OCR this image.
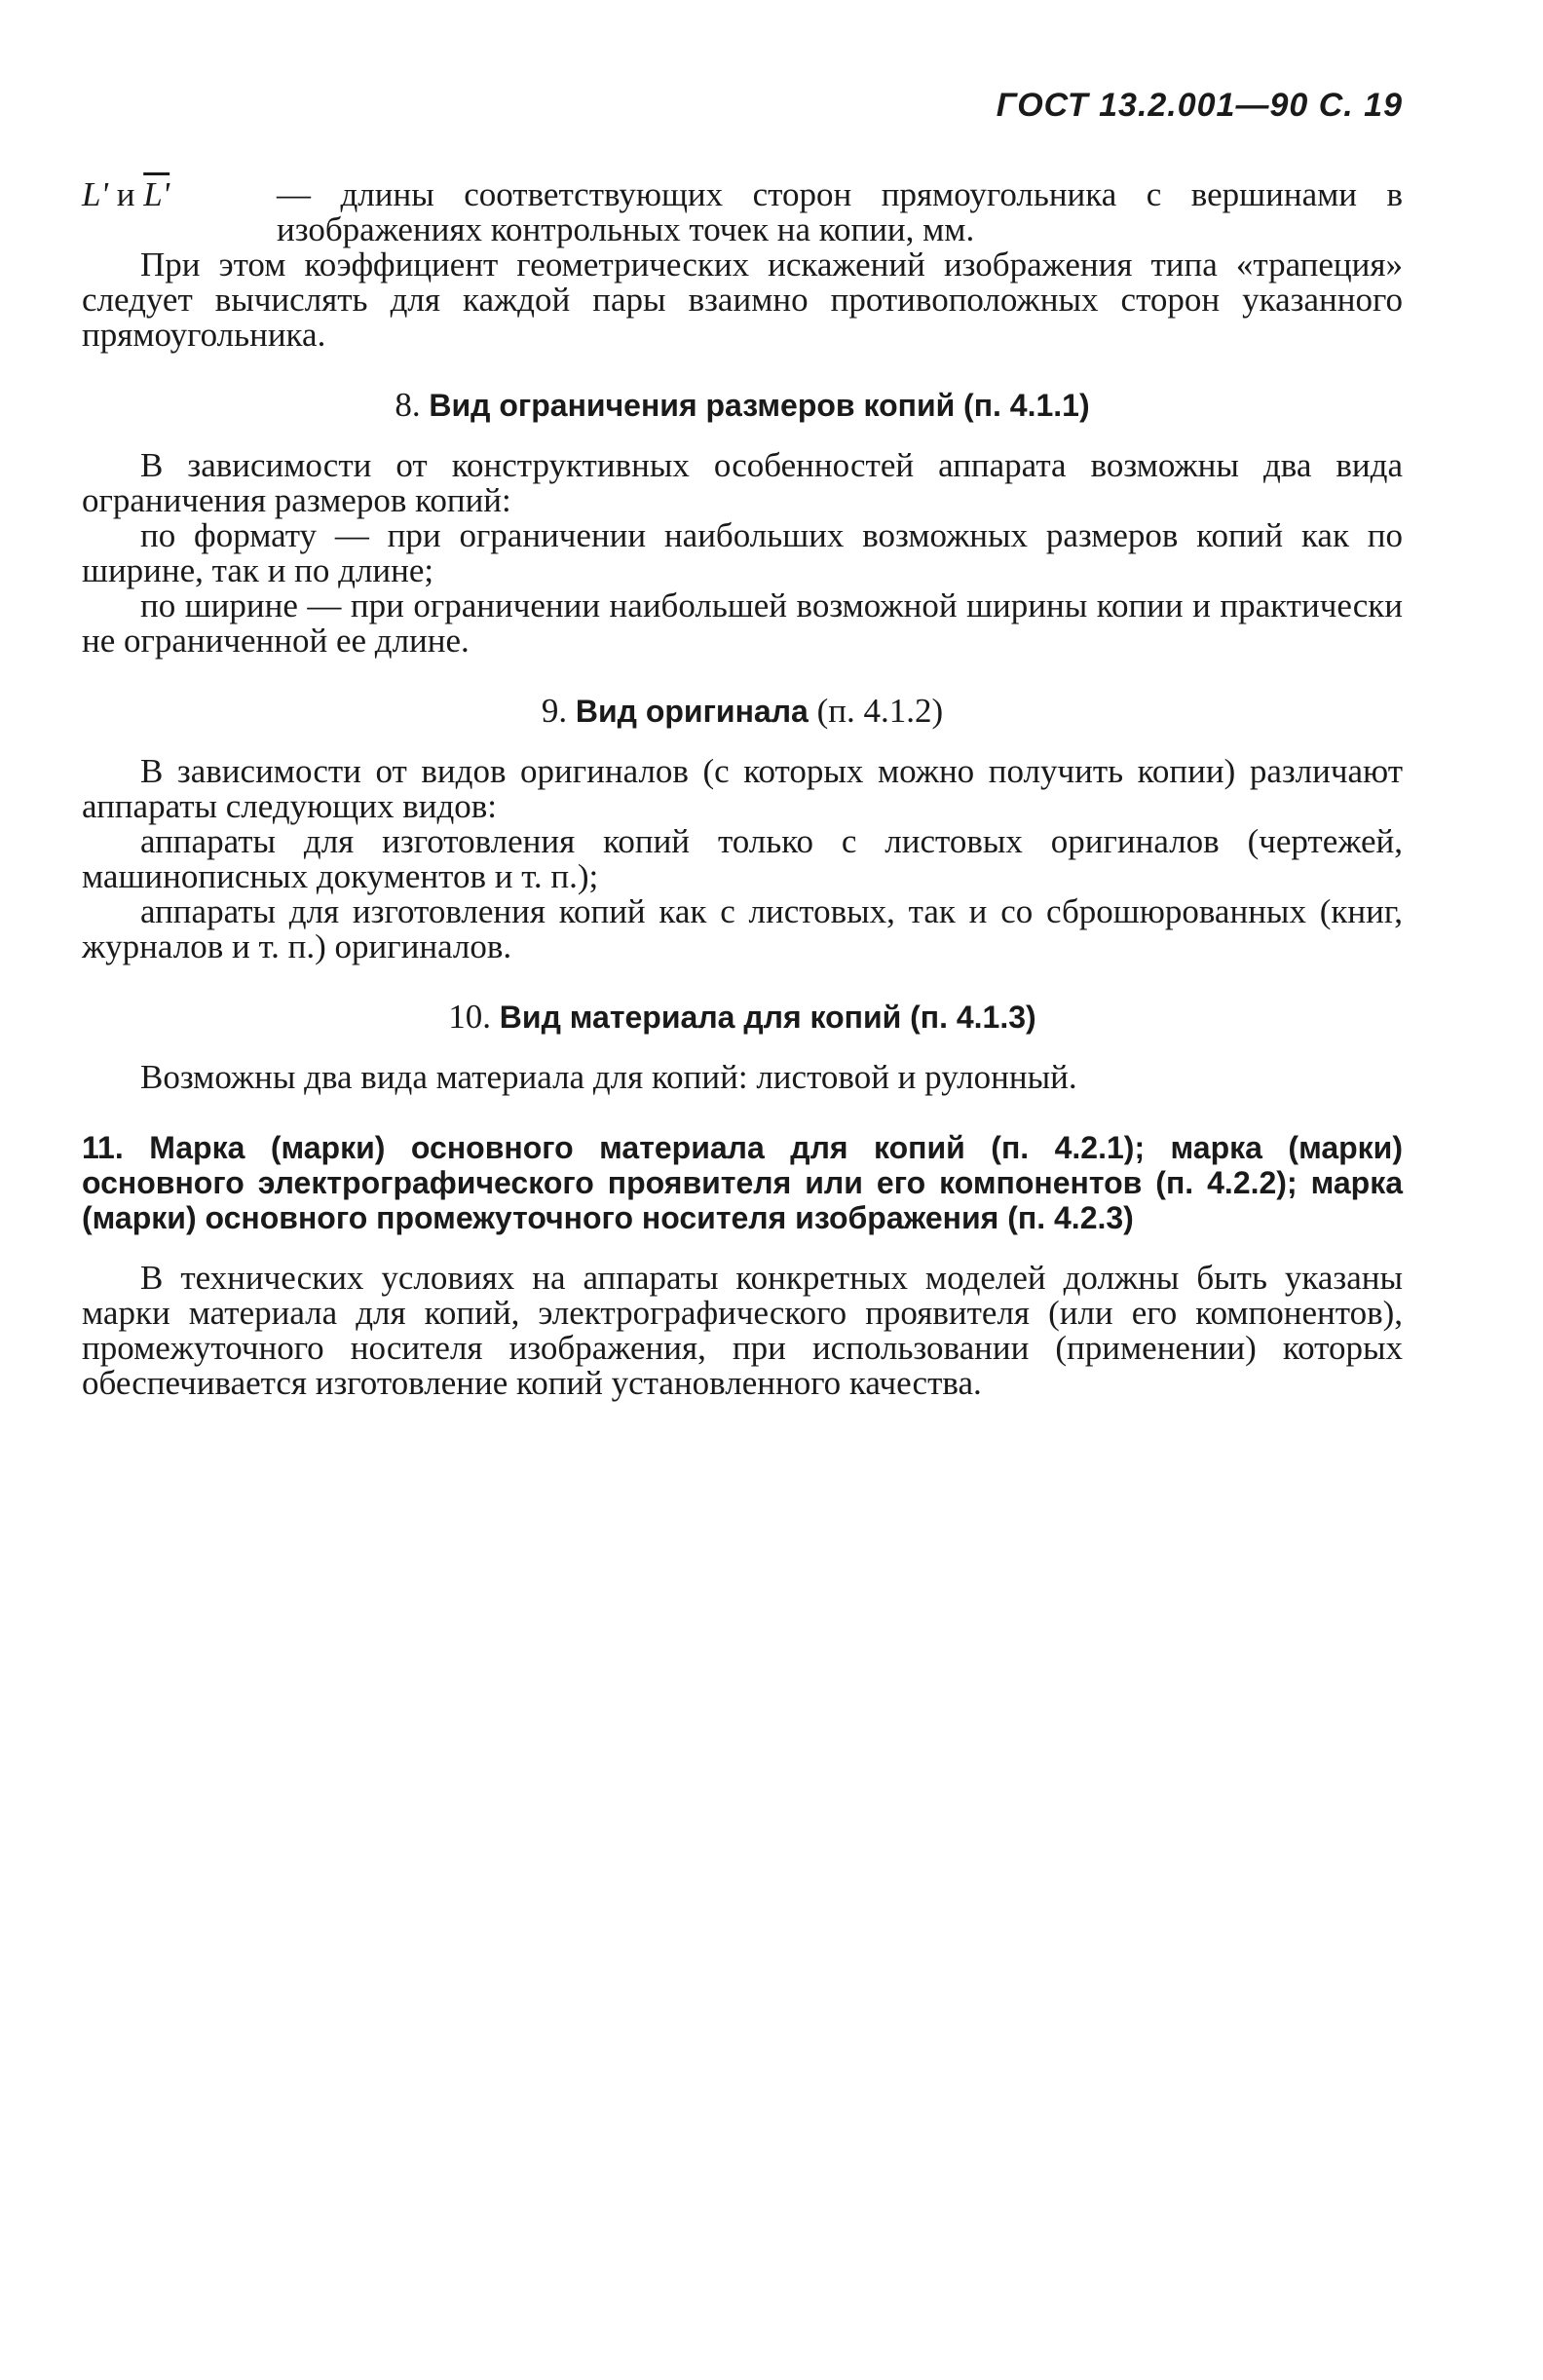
ГОСТ 13.2.001—90 С. 19
L' и L'	— длины соответствующих сторон прямоугольника с вершинами в изображениях контрольных точек на копии, мм.

При этом коэффициент геометрических искажений изображения типа «трапеция» следует вычислять для каждой пары взаимно противоположных сторон указанного прямоугольника.

8. Вид ограничения размеров копий (п. 4.1.1)

В зависимости от конструктивных особенностей аппарата возможны два вида ограничения размеров копий:

по формату — при ограничении наибольших возможных размеров копий как по ширине, так и по длине;

по ширине — при ограничении наибольшей возможной ширины копии и практически не ограниченной ее длине.

9. Вид оригинала (п. 4.1.2)

В зависимости от видов оригиналов (с которых можно получить копии) различают аппараты следующих видов:

аппараты для изготовления копий только с листовых оригиналов (чертежей, машинописных документов и т. п.);

аппараты для изготовления копий как с листовых, так и со сброшюрованных (книг, журналов и т. п.) оригиналов.

10. Вид материала для копий (п. 4.1.3)

Возможны два вида материала для копий: листовой и рулонный.

11. Марка (марки) основного материала для копий (п. 4.2.1); марка (марки) основного электрографического проявителя или его компонентов (п. 4.2.2); марка (марки) основного промежуточного носителя изображения (п. 4.2.3)

В технических условиях на аппараты конкретных моделей должны быть указаны марки материала для копий, электрографического проявителя (или его компонентов), промежуточного носителя изображения, при использовании (применении) которых обеспечивается изготовление копий установленного качества.
